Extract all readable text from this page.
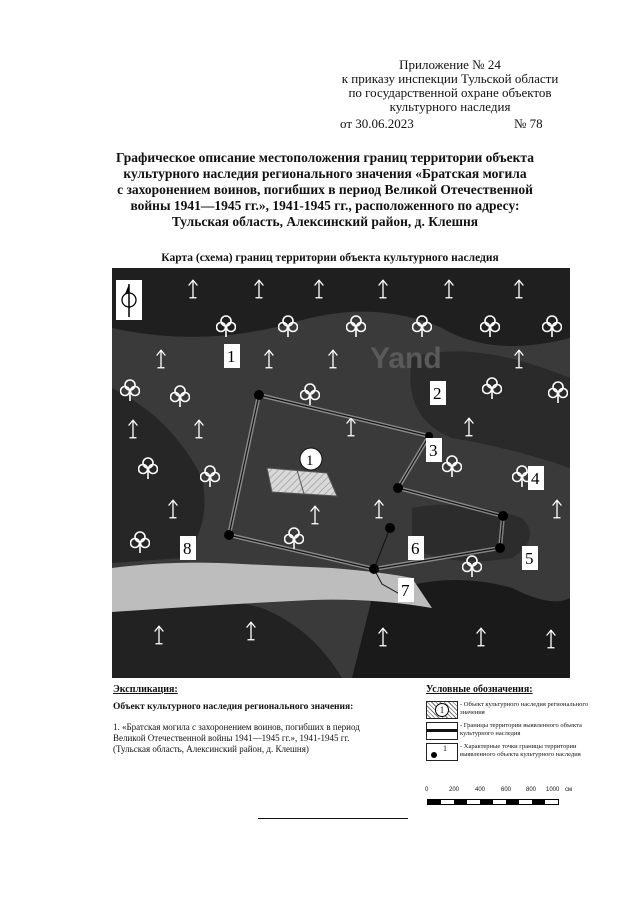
Приложение № 24
к приказу инспекции Тульской области
по государственной охране объектов
культурного наследия
от 30.06.2023	№ 78
Графическое описание местоположения границ территории объекта
культурного наследия регионального значения «Братская могила
с захоронением воинов, погибших в период Великой Отечественной
войны 1941—1945 гг.», 1941-1945 гг., расположенного по адресу:
Тульская область, Алексинский район, д. Клешня
Карта (схема) границ территории объекта культурного наследия
Yand
1
2
3
4
5
6
7
8
1
Экспликация:
Объект культурного наследия регионального значения:
1. «Братская могила с захоронением воинов, погибших в период
Великой Отечественной войны 1941—1945 гг.», 1941-1945 гг.
(Тульская область, Алексинский район, д. Клешня)
Условные обозначения:
1
- Объект культурного наследия регионального значения
- Границы территории выявленного объекта культурного наследия
1 - Характерные точки границы территории выявленного объекта культурного наследия
0	200	400	600 800 1000 см
